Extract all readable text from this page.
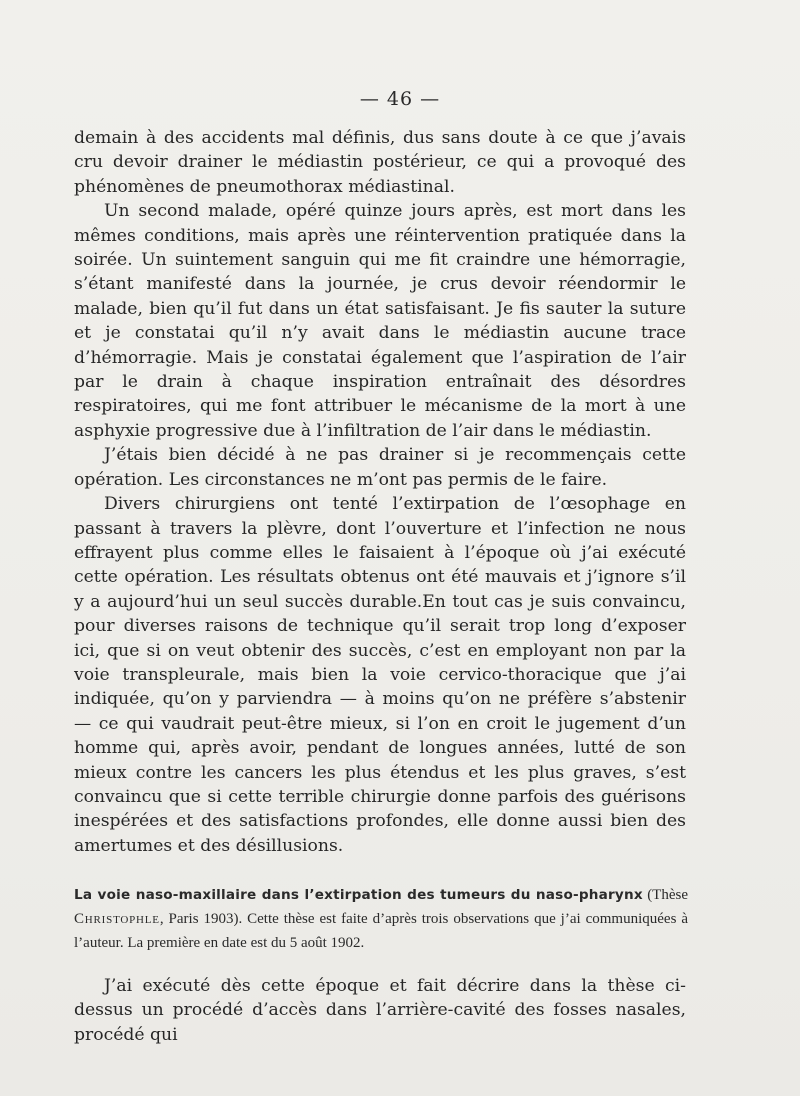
— 46 —

demain à des accidents mal définis, dus sans doute à ce que j’avais cru devoir drainer le médiastin postérieur, ce qui a provoqué des phénomènes de pneumothorax médiastinal.

Un second malade, opéré quinze jours après, est mort dans les mêmes conditions, mais après une réintervention pratiquée dans la soirée. Un suintement sanguin qui me fit craindre une hémorragie, s’étant manifesté dans la journée, je crus devoir réendormir le malade, bien qu’il fut dans un état satisfaisant. Je fis sauter la suture et je constatai qu’il n’y avait dans le médiastin aucune trace d’hémorragie. Mais je constatai également que l’aspiration de l’air par le drain à chaque inspiration entraînait des désordres respiratoires, qui me font attribuer le mécanisme de la mort à une asphyxie progressive due à l’infiltration de l’air dans le médiastin.

J’étais bien décidé à ne pas drainer si je recommençais cette opération. Les circonstances ne m’ont pas permis de le faire.

Divers chirurgiens ont tenté l’extirpation de l’œsophage en passant à travers la plèvre, dont l’ouverture et l’infection ne nous effrayent plus comme elles le faisaient à l’époque où j’ai exécuté cette opération. Les résultats obtenus ont été mauvais et j’ignore s’il y a aujourd’hui un seul succès durable.En tout cas je suis convaincu, pour diverses raisons de technique qu’il serait trop long d’exposer ici, que si on veut obtenir des succès, c’est en employant non par la voie transpleurale, mais bien la voie cervico-thoracique que j’ai indiquée, qu’on y parviendra — à moins qu’on ne préfère s’abstenir — ce qui vaudrait peut-être mieux, si l’on en croit le jugement d’un homme qui, après avoir, pendant de longues années, lutté de son mieux contre les cancers les plus étendus et les plus graves, s’est convaincu que si cette terrible chirurgie donne parfois des guérisons inespérées et des satisfactions profondes, elle donne aussi bien des amertumes et des désillusions.

La voie naso-maxillaire dans l’extirpation des tumeurs du naso-pharynx (Thèse Christophle, Paris 1903). Cette thèse est faite d’après trois observations que j’ai communiquées à l’auteur. La première en date est du 5 août 1902.

J’ai exécuté dès cette époque et fait décrire dans la thèse ci-dessus un procédé d’accès dans l’arrière-cavité des fosses nasales, procédé qui
